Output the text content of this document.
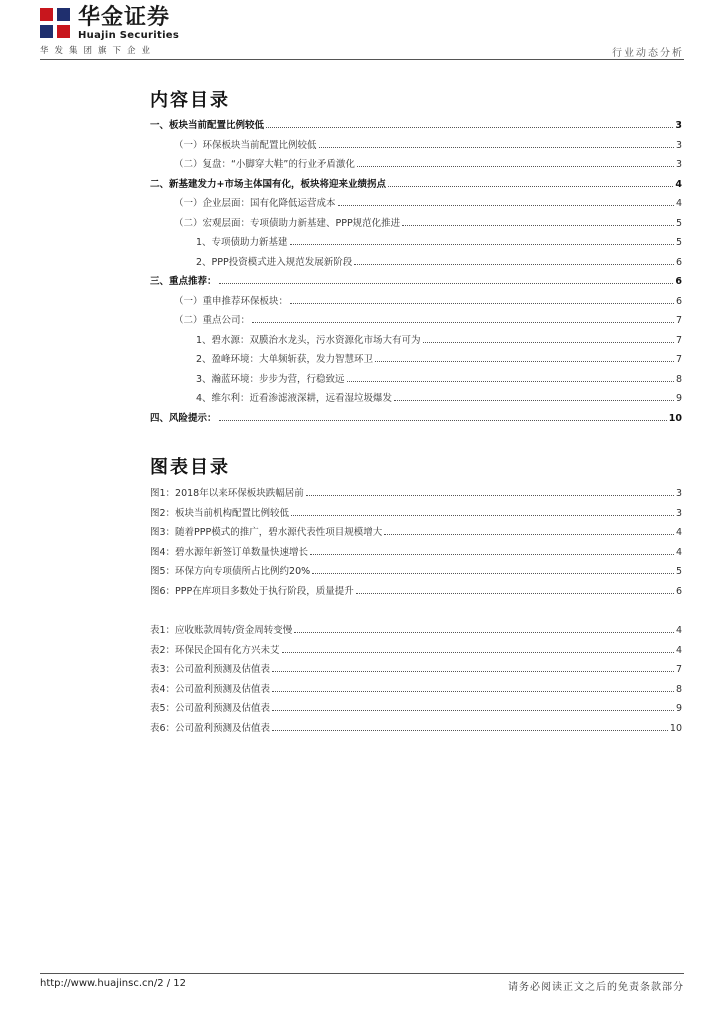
华金证券
Huajin Securities
华发集团旗下企业	行业动态分析
内容目录
一、板块当前配置比例较低	3
（一）环保板块当前配置比例较低	3
（二）复盘：“小脚穿大鞋”的行业矛盾激化	3
二、新基建发力+市场主体国有化，板块将迎来业绩拐点	4
（一）企业层面：国有化降低运营成本	4
（二）宏观层面：专项债助力新基建、PPP规范化推进	5
1、专项债助力新基建	5
2、PPP投资模式进入规范发展新阶段	6
三、重点推荐：	6
（一）重申推荐环保板块：	6
（二）重点公司：	7
1、碧水源：双膜治水龙头，污水资源化市场大有可为	7
2、盈峰环境：大单频斩获，发力智慧环卫	7
3、瀚蓝环境：步步为营，行稳致远	8
4、维尔利：近看渗滤液深耕，远看湿垃圾爆发	9
四、风险提示：	10
图表目录
图1：2018年以来环保板块跌幅居前	3
图2：板块当前机构配置比例较低	3
图3：随着PPP模式的推广，碧水源代表性项目规模增大	4
图4：碧水源年新签订单数量快速增长	4
图5：环保方向专项债所占比例约20%	5
图6：PPP在库项目多数处于执行阶段，质量提升	6
表1：应收账款周转/资金周转变慢	4
表2：环保民企国有化方兴未艾	4
表3：公司盈利预测及估值表	7
表4：公司盈利预测及估值表	8
表5：公司盈利预测及估值表	9
表6：公司盈利预测及估值表	10
http://www.huajinsc.cn/2 / 12	请务必阅读正文之后的免责条款部分
